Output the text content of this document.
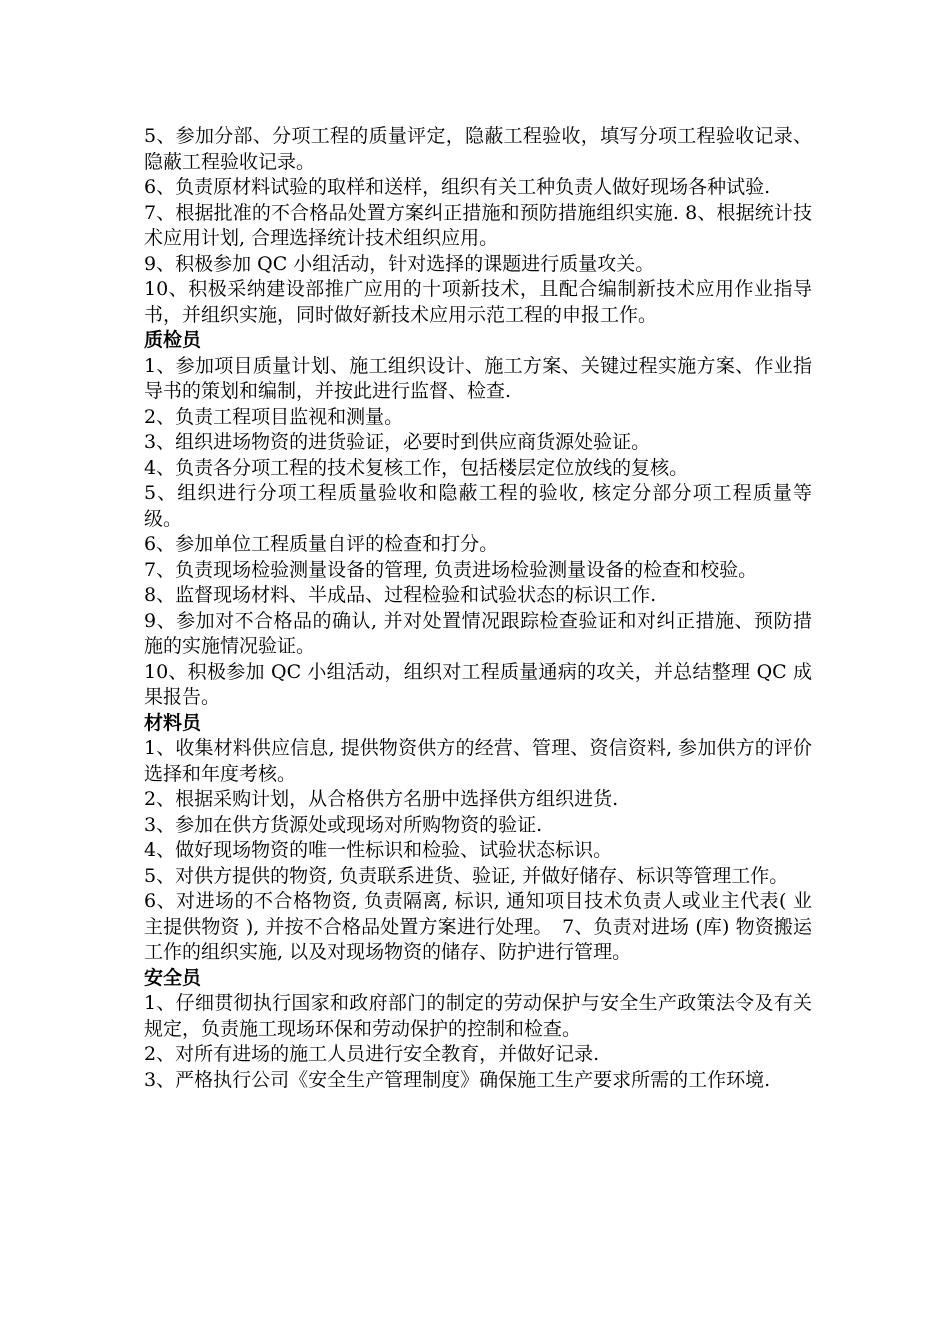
5、参加分部、分项工程的质量评定，隐蔽工程验收，填写分项工程验收记录、隐蔽工程验收记录。

6、负责原材料试验的取样和送样，组织有关工种负责人做好现场各种试验.

7、根据批准的不合格品处置方案纠正措施和预防措施组织实施. 8、根据统计技术应用计划, 合理选择统计技术组织应用。

9、积极参加 QC 小组活动，针对选择的课题进行质量攻关。

10、积极采纳建设部推广应用的十项新技术，且配合编制新技术应用作业指导书，并组织实施，同时做好新技术应用示范工程的申报工作。

质检员

1、参加项目质量计划、施工组织设计、施工方案、关键过程实施方案、作业指导书的策划和编制，并按此进行监督、检查.

2、负责工程项目监视和测量。

3、组织进场物资的进货验证，必要时到供应商货源处验证。

4、负责各分项工程的技术复核工作，包括楼层定位放线的复核。

5、组织进行分项工程质量验收和隐蔽工程的验收, 核定分部分项工程质量等级。

6、参加单位工程质量自评的检查和打分。

7、负责现场检验测量设备的管理, 负责进场检验测量设备的检查和校验。

8、监督现场材料、半成品、过程检验和试验状态的标识工作.

9、参加对不合格品的确认, 并对处置情况跟踪检查验证和对纠正措施、预防措施的实施情况验证。

10、积极参加 QC 小组活动，组织对工程质量通病的攻关，并总结整理 QC 成果报告。

材料员

1、收集材料供应信息, 提供物资供方的经营、管理、资信资料, 参加供方的评价选择和年度考核。

2、根据采购计划，从合格供方名册中选择供方组织进货.

3、参加在供方货源处或现场对所购物资的验证.

4、做好现场物资的唯一性标识和检验、试验状态标识。

5、对供方提供的物资, 负责联系进货、验证, 并做好储存、标识等管理工作。

6、对进场的不合格物资, 负责隔离, 标识, 通知项目技术负责人或业主代表( 业主提供物资 ), 并按不合格品处置方案进行处理。　7、负责对进场 (库) 物资搬运工作的组织实施, 以及对现场物资的储存、防护进行管理。

安全员

1、仔细贯彻执行国家和政府部门的制定的劳动保护与安全生产政策法令及有关规定，负责施工现场环保和劳动保护的控制和检查。

2、对所有进场的施工人员进行安全教育，并做好记录.

3、严格执行公司《安全生产管理制度》确保施工生产要求所需的工作环境.
